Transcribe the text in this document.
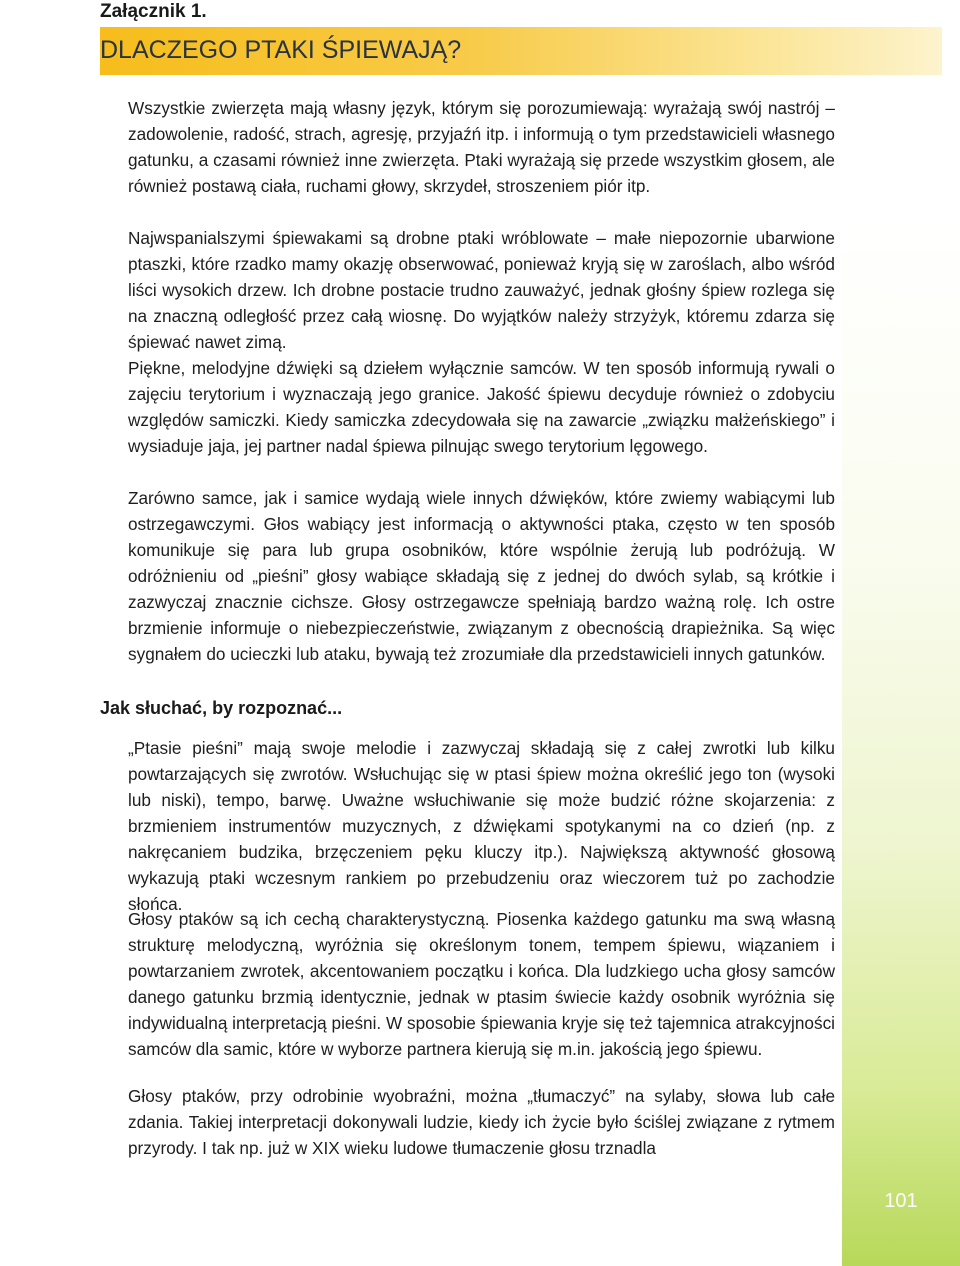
Załącznik 1.
DLACZEGO PTAKI ŚPIEWAJĄ?
101

Wszystkie zwierzęta mają własny język, którym się porozumiewają: wyrażają swój nastrój – zadowolenie, radość, strach, agresję, przyjaźń itp. i informują o tym przedstawicieli własnego gatunku, a czasami również inne zwierzęta. Ptaki wyrażają się przede wszystkim głosem, ale również postawą ciała, ruchami głowy, skrzydeł, stroszeniem piór itp.

Najwspanialszymi śpiewakami są drobne ptaki wróblowate – małe niepozornie ubarwione ptaszki, które rzadko mamy okazję obserwować, ponieważ kryją się w zaroślach, albo wśród liści wysokich drzew. Ich drobne postacie trudno zauważyć, jednak głośny śpiew rozlega się na znaczną odległość przez całą wiosnę. Do wyjątków należy strzyżyk, któremu zdarza się śpiewać nawet zimą.

Piękne, melodyjne dźwięki są dziełem wyłącznie samców. W ten sposób informują rywali o zajęciu terytorium i wyznaczają jego granice. Jakość śpiewu decyduje również o zdobyciu względów samiczki. Kiedy samiczka zdecydowała się na zawarcie „związku małżeńskiego” i wysiaduje jaja, jej partner nadal śpiewa pilnując swego terytorium lęgowego.

Zarówno samce, jak i samice wydają wiele innych dźwięków, które zwiemy wabiącymi lub ostrzegawczymi. Głos wabiący jest informacją o aktywności ptaka, często w ten sposób komunikuje się para lub grupa osobników, które wspólnie żerują lub podróżują. W odróżnieniu od „pieśni” głosy wabiące składają się z jednej do dwóch sylab, są krótkie i zazwyczaj znacznie cichsze. Głosy ostrzegawcze spełniają bardzo ważną rolę. Ich ostre brzmienie informuje o niebezpieczeństwie, związanym z obecnością drapieżnika. Są więc sygnałem do ucieczki lub ataku, bywają też zrozumiałe dla przedstawicieli innych gatunków.

Jak słuchać, by rozpoznać...

„Ptasie pieśni” mają swoje melodie i zazwyczaj składają się z całej zwrotki lub kilku powtarzających się zwrotów. Wsłuchując się w ptasi śpiew można określić jego ton (wysoki lub niski), tempo, barwę. Uważne wsłuchiwanie się może budzić różne skojarzenia: z brzmieniem instrumentów muzycznych, z dźwiękami spotykanymi na co dzień (np. z nakręcaniem budzika, brzęczeniem pęku kluczy itp.). Największą aktywność głosową wykazują ptaki wczesnym rankiem po przebudzeniu oraz wieczorem tuż po zachodzie słońca.

Głosy ptaków są ich cechą charakterystyczną. Piosenka każdego gatunku ma swą własną strukturę melodyczną, wyróżnia się określonym tonem, tempem śpiewu, wiązaniem i powtarzaniem zwrotek, akcentowaniem początku i końca. Dla ludzkiego ucha głosy samców danego gatunku brzmią identycznie, jednak w ptasim świecie każdy osobnik wyróżnia się indywidualną interpretacją pieśni. W sposobie śpiewania kryje się też tajemnica atrakcyjności samców dla samic, które w wyborze partnera kierują się m.in. jakością jego śpiewu.

Głosy ptaków, przy odrobinie wyobraźni, można „tłumaczyć” na sylaby, słowa lub całe zdania. Takiej interpretacji dokonywali ludzie, kiedy ich życie było ściślej związane z rytmem przyrody. I tak np. już w XIX wieku ludowe tłumaczenie głosu trznadla
